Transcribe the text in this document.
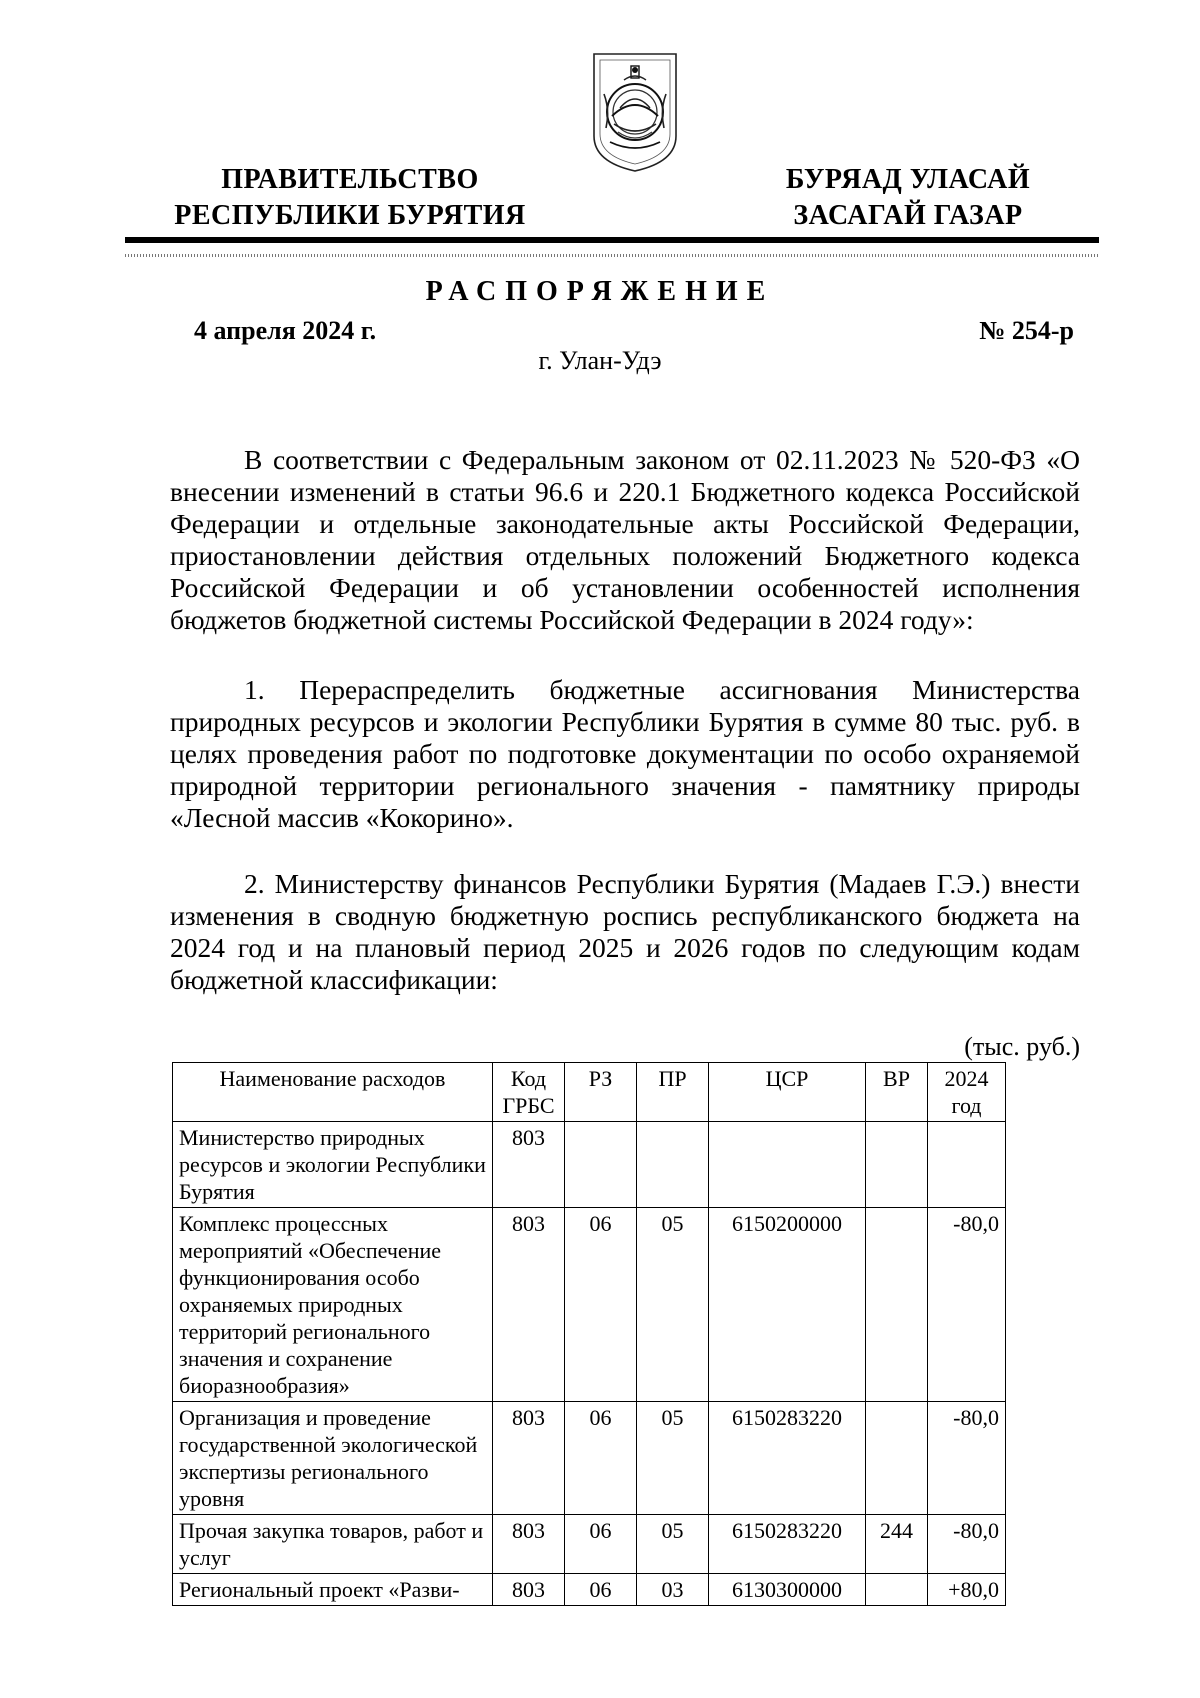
ПРАВИТЕЛЬСТВО
РЕСПУБЛИКИ БУРЯТИЯ
БУРЯАД УЛАСАЙ
ЗАСАГАЙ ГАЗАР
РАСПОРЯЖЕНИЕ
4 апреля 2024 г.	№ 254-р
г. Улан-Удэ

В соответствии с Федеральным законом от 02.11.2023 № 520-ФЗ «О внесении изменений в статьи 96.6 и 220.1 Бюджетного кодекса Российской Федерации и отдельные законодательные акты Российской Федерации, приостановлении действия отдельных положений Бюджетного кодекса Российской Федерации и об установлении особенностей исполнения бюджетов бюджетной системы Российской Федерации в 2024 году»:

1. Перераспределить бюджетные ассигнования Министерства природных ресурсов и экологии Республики Бурятия в сумме 80 тыс. руб. в целях проведения работ по подготовке документации по особо охраняемой природной территории регионального значения - памятнику природы «Лесной массив «Кокорино».

2. Министерству финансов Республики Бурятия (Мадаев Г.Э.) внести изменения в сводную бюджетную роспись республиканского бюджета на 2024 год и на плановый период 2025 и 2026 годов по следующим кодам бюджетной классификации:

(тыс. руб.)
Наименование расходов	Код ГРБС	РЗ	ПР	ЦСР	ВР	2024 год
Министерство природных ресурсов и экологии Республики Бурятия	803					
Комплекс процессных мероприятий «Обеспечение функционирования особо охраняемых природных территорий регионального значения и сохранение биоразнообразия»	803	06	05	6150200000		-80,0
Организация и проведение государственной экологической экспертизы регионального уровня	803	06	05	6150283220		-80,0
Прочая закупка товаров, работ и услуг	803	06	05	6150283220	244	-80,0
Региональный проект «Разви-	803	06	03	6130300000		+80,0
